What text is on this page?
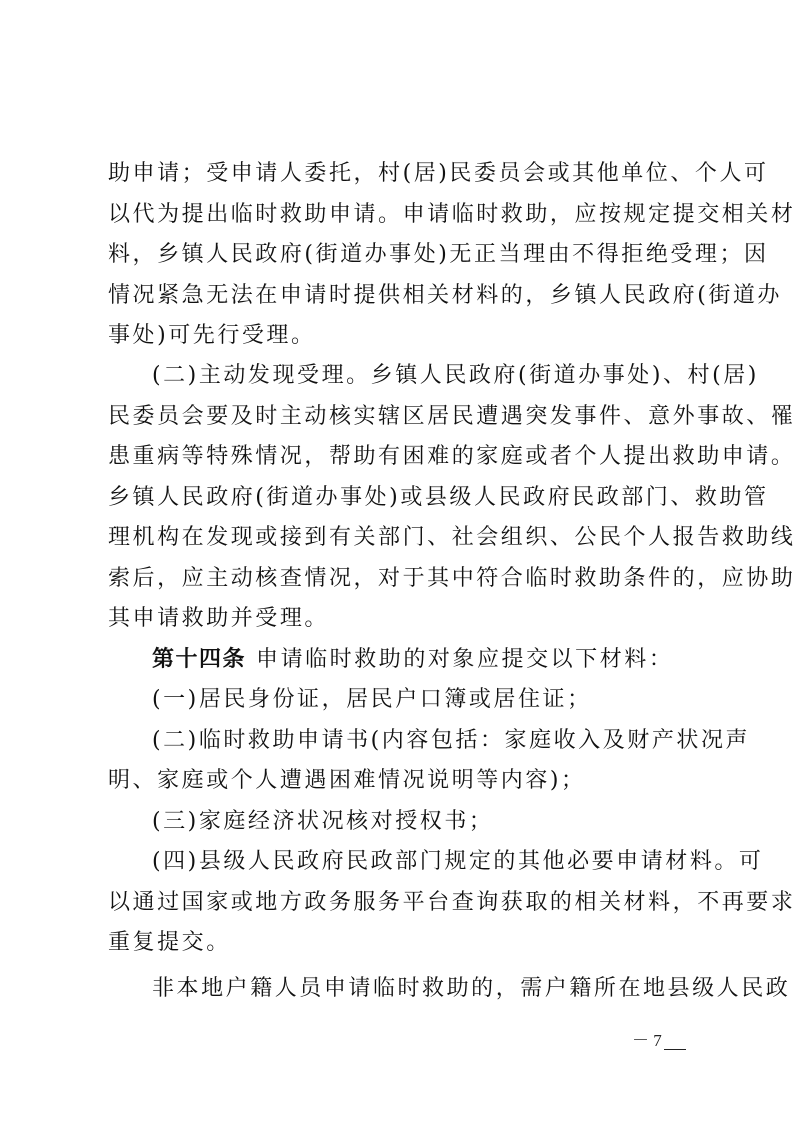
助申请；受申请人委托，村(居)民委员会或其他单位、个人可
以代为提出临时救助申请。申请临时救助，应按规定提交相关材
料，乡镇人民政府(街道办事处)无正当理由不得拒绝受理；因
情况紧急无法在申请时提供相关材料的，乡镇人民政府(街道办
事处)可先行受理。
(二)主动发现受理。乡镇人民政府(街道办事处)、村(居)
民委员会要及时主动核实辖区居民遭遇突发事件、意外事故、罹
患重病等特殊情况，帮助有困难的家庭或者个人提出救助申请。
乡镇人民政府(街道办事处)或县级人民政府民政部门、救助管
理机构在发现或接到有关部门、社会组织、公民个人报告救助线
索后，应主动核查情况，对于其中符合临时救助条件的，应协助
其申请救助并受理。
第十四条 申请临时救助的对象应提交以下材料：
(一)居民身份证，居民户口簿或居住证；
(二)临时救助申请书(内容包括：家庭收入及财产状况声
明、家庭或个人遭遇困难情况说明等内容)；
(三)家庭经济状况核对授权书；
(四)县级人民政府民政部门规定的其他必要申请材料。可
以通过国家或地方政务服务平台查询获取的相关材料，不再要求
重复提交。
非本地户籍人员申请临时救助的，需户籍所在地县级人民政
－ 7
